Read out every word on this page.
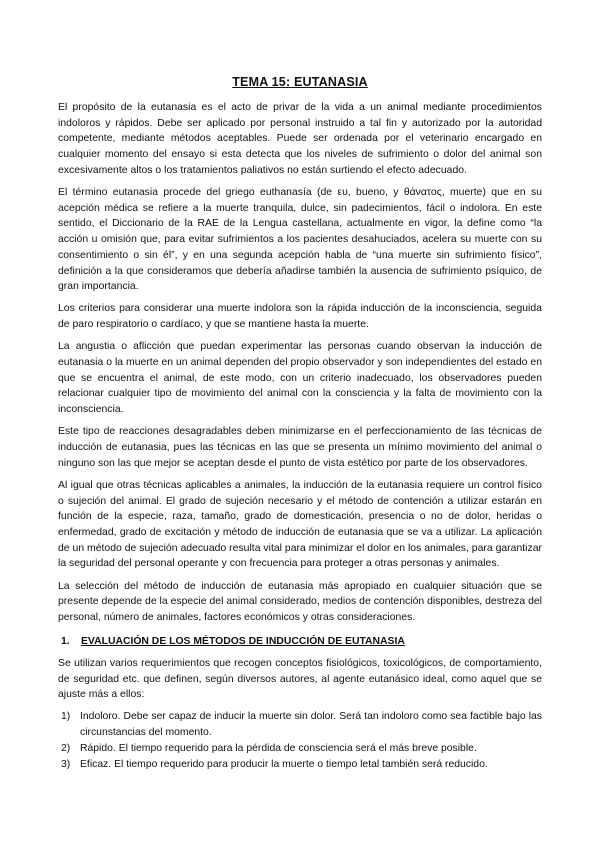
TEMA 15: EUTANASIA

El propósito de la eutanasia es el acto de privar de la vida a un animal mediante procedimientos indoloros y rápidos. Debe ser aplicado por personal instruido a tal fin y autorizado por la autoridad competente, mediante métodos aceptables. Puede ser ordenada por el veterinario encargado en cualquier momento del ensayo si esta detecta que los niveles de sufrimiento o dolor del animal son excesivamente altos o los tratamientos paliativos no están surtiendo el efecto adecuado.

El término eutanasia procede del griego euthanasía (de ευ, bueno, y θάνατος, muerte) que en su acepción médica se refiere a la muerte tranquila, dulce, sin padecimientos, fácil o indolora. En este sentido, el Diccionario de la RAE de la Lengua castellana, actualmente en vigor, la define como “la acción u omisión que, para evitar sufrimientos a los pacientes desahuciados, acelera su muerte con su consentimiento o sin él”, y en una segunda acepción habla de “una muerte sin sufrimiento físico”, definición a la que consideramos que debería añadirse también la ausencia de sufrimiento psíquico, de gran importancia.

Los criterios para considerar una muerte indolora son la rápida inducción de la inconsciencia, seguida de paro respiratorio o cardíaco, y que se mantiene hasta la muerte.

La angustia o aflicción que puedan experimentar las personas cuando observan la inducción de eutanasia o la muerte en un animal dependen del propio observador y son independientes del estado en que se encuentra el animal, de este modo, con un criterio inadecuado, los observadores pueden relacionar cualquier tipo de movimiento del animal con la consciencia y la falta de movimiento con la inconsciencia.

Este tipo de reacciones desagradables deben minimizarse en el perfeccionamiento de las técnicas de inducción de eutanasia, pues las técnicas en las que se presenta un mínimo movimiento del animal o ninguno son las que mejor se aceptan desde el punto de vista estético por parte de los observadores.

Al igual que otras técnicas aplicables a animales, la inducción de la eutanasia requiere un control físico o sujeción del animal. El grado de sujeción necesario y el método de contención a utilizar estarán en función de la especie, raza, tamaño, grado de domesticación, presencia o no de dolor, heridas o enfermedad, grado de excitación y método de inducción de eutanasia que se va a utilizar. La aplicación de un método de sujeción adecuado resulta vital para minimizar el dolor en los animales, para garantizar la seguridad del personal operante y con frecuencia para proteger a otras personas y animales.

La selección del método de inducción de eutanasia más apropiado en cualquier situación que se presente depende de la especie del animal considerado, medios de contención disponibles, destreza del personal, número de animales, factores económicos y otras consideraciones.

1.	EVALUACIÓN DE LOS MÉTODOS DE INDUCCIÓN DE EUTANASIA

Se utilizan varios requerimientos que recogen conceptos fisiológicos, toxicológicos, de comportamiento, de seguridad etc. que definen, según diversos autores, al agente eutanásico ideal, como aquel que se ajuste más a ellos:

1) Indoloro. Debe ser capaz de inducir la muerte sin dolor. Será tan indoloro como sea factible bajo las circunstancias del momento.
2) Rápido. El tiempo requerido para la pérdida de consciencia será el más breve posible.
3) Eficaz. El tiempo requerido para producir la muerte o tiempo letal también será reducido.
